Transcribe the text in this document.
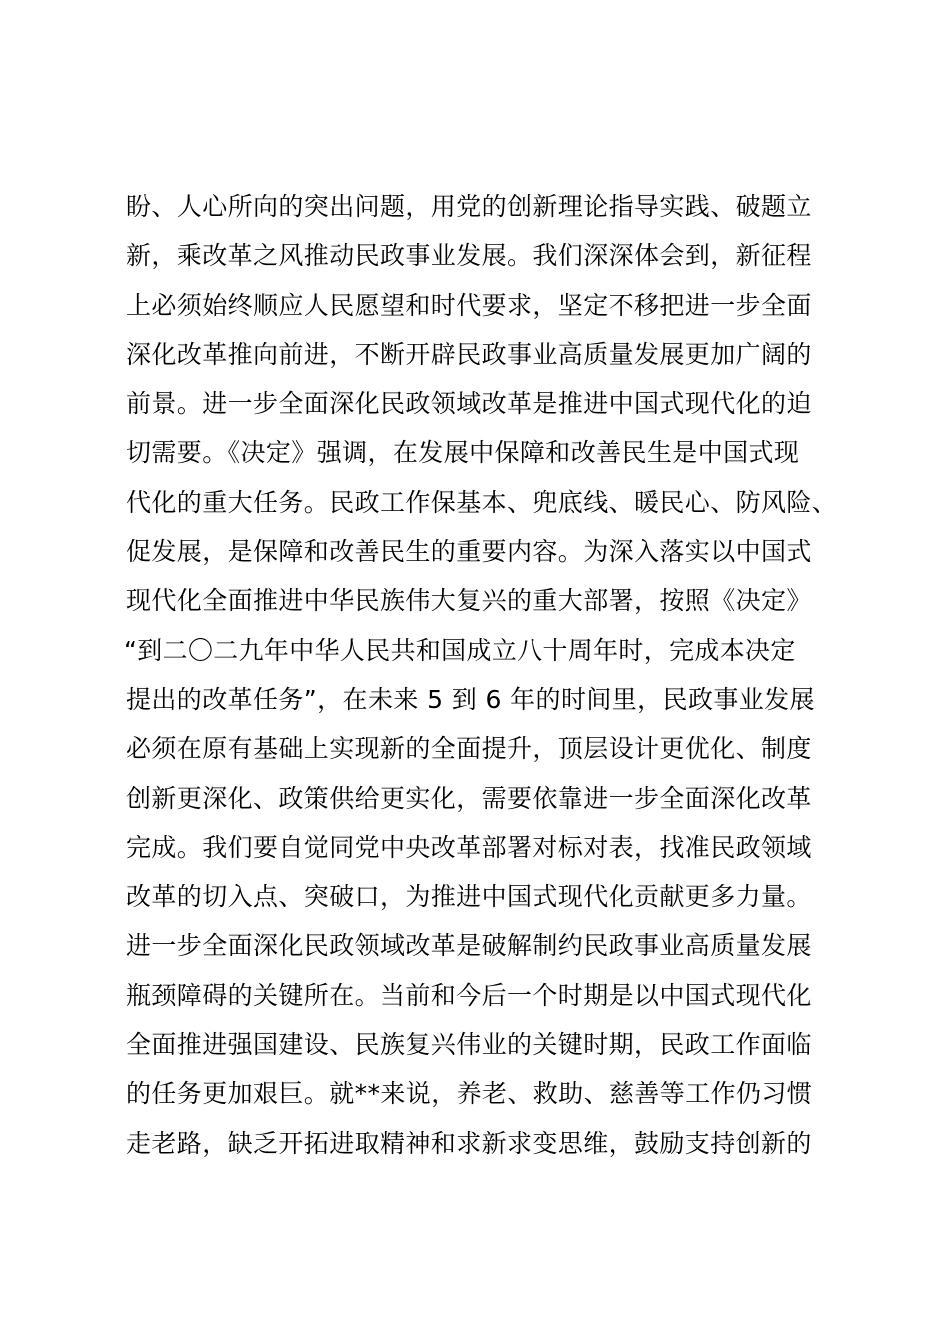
盼、人心所向的突出问题，用党的创新理论指导实践、破题立
新，乘改革之风推动民政事业发展。我们深深体会到，新征程
上必须始终顺应人民愿望和时代要求，坚定不移把进一步全面
深化改革推向前进，不断开辟民政事业高质量发展更加广阔的
前景。进一步全面深化民政领域改革是推进中国式现代化的迫
切需要。《决定》强调，在发展中保障和改善民生是中国式现
代化的重大任务。民政工作保基本、兜底线、暖民心、防风险、
促发展，是保障和改善民生的重要内容。为深入落实以中国式
现代化全面推进中华民族伟大复兴的重大部署，按照《决定》
“到二〇二九年中华人民共和国成立八十周年时，完成本决定
提出的改革任务”，在未来 5 到 6 年的时间里，民政事业发展
必须在原有基础上实现新的全面提升，顶层设计更优化、制度
创新更深化、政策供给更实化，需要依靠进一步全面深化改革
完成。我们要自觉同党中央改革部署对标对表，找准民政领域
改革的切入点、突破口，为推进中国式现代化贡献更多力量。
进一步全面深化民政领域改革是破解制约民政事业高质量发展
瓶颈障碍的关键所在。当前和今后一个时期是以中国式现代化
全面推进强国建设、民族复兴伟业的关键时期，民政工作面临
的任务更加艰巨。就**来说，养老、救助、慈善等工作仍习惯
走老路，缺乏开拓进取精神和求新求变思维，鼓励支持创新的
